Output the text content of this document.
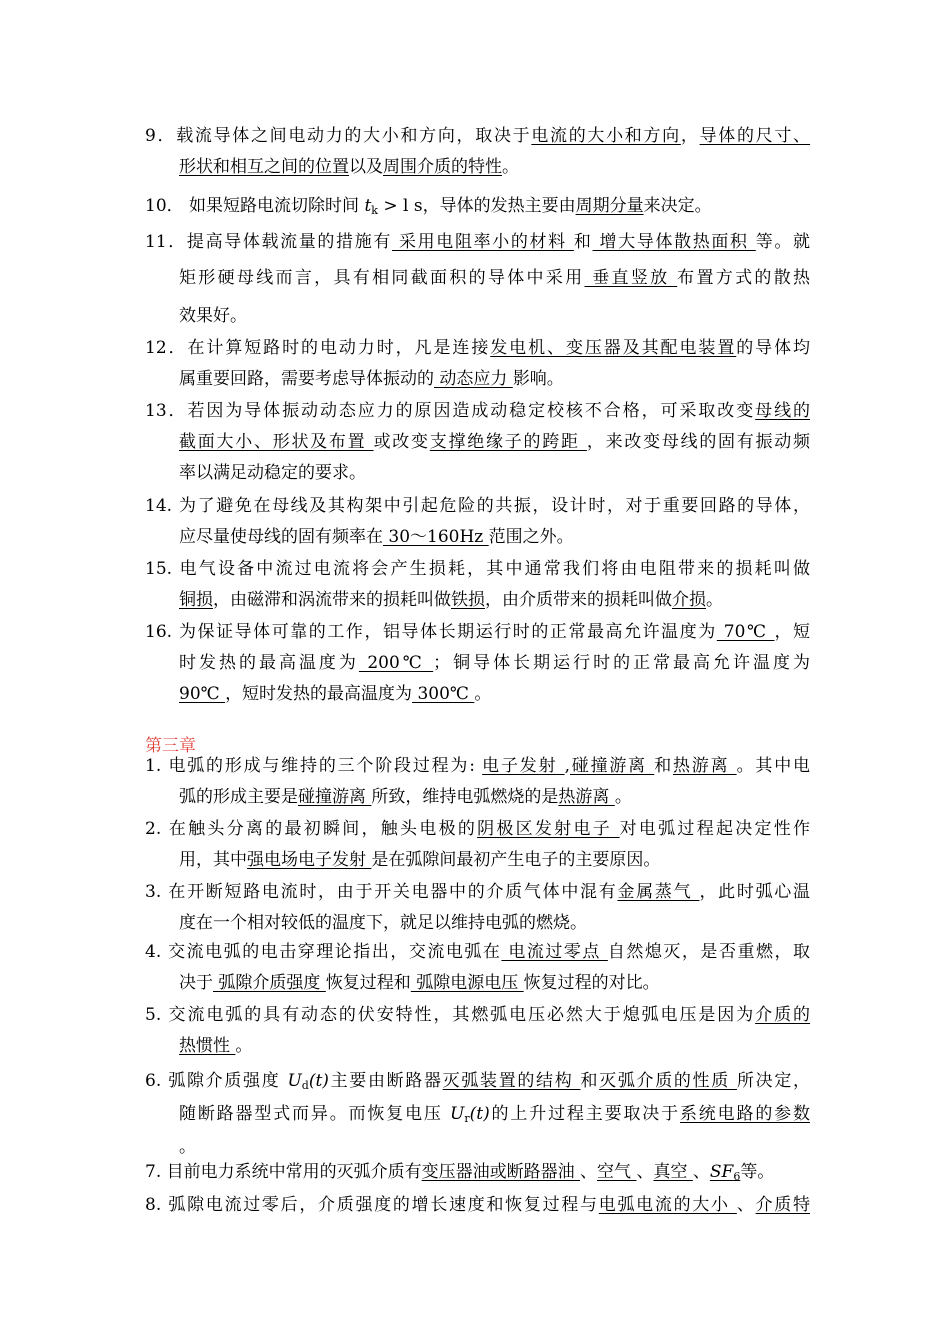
9．载流导体之间电动力的大小和方向，取决于电流的大小和方向，导体的尺寸、
形状和相互之间的位置以及周围介质的特性。
10． 如果短路电流切除时间 $t_k > l$ s，导体的发热主要由周期分量来决定。
11．提高导体载流量的措施有 采用电阻率小的材料 和 增大导体散热面积 等。就
矩形硬母线而言，具有相同截面积的导体中采用 垂直竖放 布置方式的散热
效果好。
12．在计算短路时的电动力时，凡是连接发电机、变压器及其配电装置的导体均
属重要回路，需要考虑导体振动的 动态应力 影响。
13．若因为导体振动动态应力的原因造成动稳定校核不合格，可采取改变母线的
截面大小、形状及布置 或改变支撑绝缘子的跨距 ，来改变母线的固有振动频
率以满足动稳定的要求。
14. 为了避免在母线及其构架中引起危险的共振，设计时，对于重要回路的导体，
应尽量使母线的固有频率在 30～160Hz 范围之外。
15. 电气设备中流过电流将会产生损耗，其中通常我们将由电阻带来的损耗叫做
铜损，由磁滞和涡流带来的损耗叫做铁损，由介质带来的损耗叫做介损。
16. 为保证导体可靠的工作，铝导体长期运行时的正常最高允许温度为 70℃ ，短
时发热的最高温度为 200℃ ；铜导体长期运行时的正常最高允许温度为
90℃ ，短时发热的最高温度为 300℃ 。
第三章
1. 电弧的形成与维持的三个阶段过程为: 电子发射 ,碰撞游离 和热游离 。其中电
弧的形成主要是碰撞游离 所致，维持电弧燃烧的是热游离 。
2. 在触头分离的最初瞬间，触头电极的阴极区发射电子 对电弧过程起决定性作
用，其中强电场电子发射 是在弧隙间最初产生电子的主要原因。
3. 在开断短路电流时，由于开关电器中的介质气体中混有金属蒸气 ，此时弧心温
度在一个相对较低的温度下，就足以维持电弧的燃烧。
4. 交流电弧的电击穿理论指出，交流电弧在 电流过零点 自然熄灭，是否重燃，取
决于 弧隙介质强度 恢复过程和 弧隙电源电压 恢复过程的对比。
5. 交流电弧的具有动态的伏安特性，其燃弧电压必然大于熄弧电压是因为介质的
热惯性 。
6. 弧隙介质强度 $U_d(t)$主要由断路器灭弧装置的结构 和灭弧介质的性质 所决定，
随断路器型式而异。而恢复电压 $U_r(t)$的上升过程主要取决于系统电路的参数
。
7. 目前电力系统中常用的灭弧介质有变压器油或断路器油 、空气 、真空 、$SF_6$等。
8. 弧隙电流过零后，介质强度的增长速度和恢复过程与电弧电流的大小 、介质特
